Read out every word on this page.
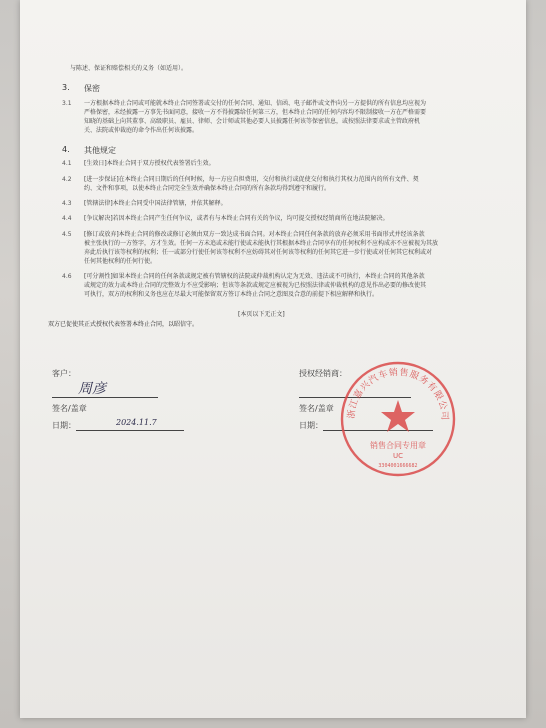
与陈述、保证和赔偿相关的义务（如适用）。
3. 保密
3.1 一方根据本终止合同或可能就本终止合同签署或交付的任何合同、通知、信函、电子邮件或文件向另一方提供的所有信息均应视为
严格保密，未经披露一方事先书面同意，接收一方不得披露给任何第三方，但本终止合同的任何内容均不限制接收一方在严格需要
知晓的基础上向其董事、高级职员、雇员、律师、会计师或其他必要人员披露任何该等保密信息，或按照法律要求或主管政府机
关、法院或仲裁庭的命令作出任何该披露。
4. 其他规定
4.1 [生效日]本终止合同于双方授权代表签署后生效。
4.2 [进一步保证]在本终止合同日期后的任何时候，每一方应自担费用，交付和执行或促使交付和执行其权力范围内的所有文件、契
约、文件和事项，以使本终止合同完全生效并确保本终止合同的所有条款均得到遵守和履行。
4.3 [管辖法律]本终止合同受中国法律管辖，并依其解释。
4.4 [争议解决]若因本终止合同产生任何争议，或者有与本终止合同有关的争议，均可提交授权经销商所在地法院解决。
4.5 [修订或放弃]本终止合同的修改或修订必须由双方一致达成书面合同。对本终止合同任何条款的放弃必须采用书面形式并经该条款
被主张执行的一方签字，方才生效。任何一方未追或未能行使或未能执行其根据本终止合同享有的任何权利不应构成亦不应被视为其放
弃此后执行该等权利的权利；任一或部分行使任何该等权利不应妨碍其对任何该等权利的任何其它进一步行使或对任何其它权利或对
任何其他权利的任何行使。
4.6 [可分割性]如果本终止合同的任何条款或规定被有管辖权的法院或仲裁机构认定为无效、违法或不可执行，本终止合同的其他条款
或规定的效力或本终止合同的完整效力不应受影响；但该等条款或规定应被视为已按照法律或仲裁机构的意见作出必要的修改使其
可执行，双方的权利和义务也应在尽最大可能保留双方签订本终止合同之意图及合意的前提下相应解释和执行。
[本页以下无正文]
双方已促使其正式授权代表签署本终止合同，以昭信守。
客户：
周彦
签名/盖章
日期：	2024.11.7
授权经销商：
签名/盖章
日期：
浙江嘉兴汽车销售服务有限公司
销售合同专用章
UC
3304001666682
